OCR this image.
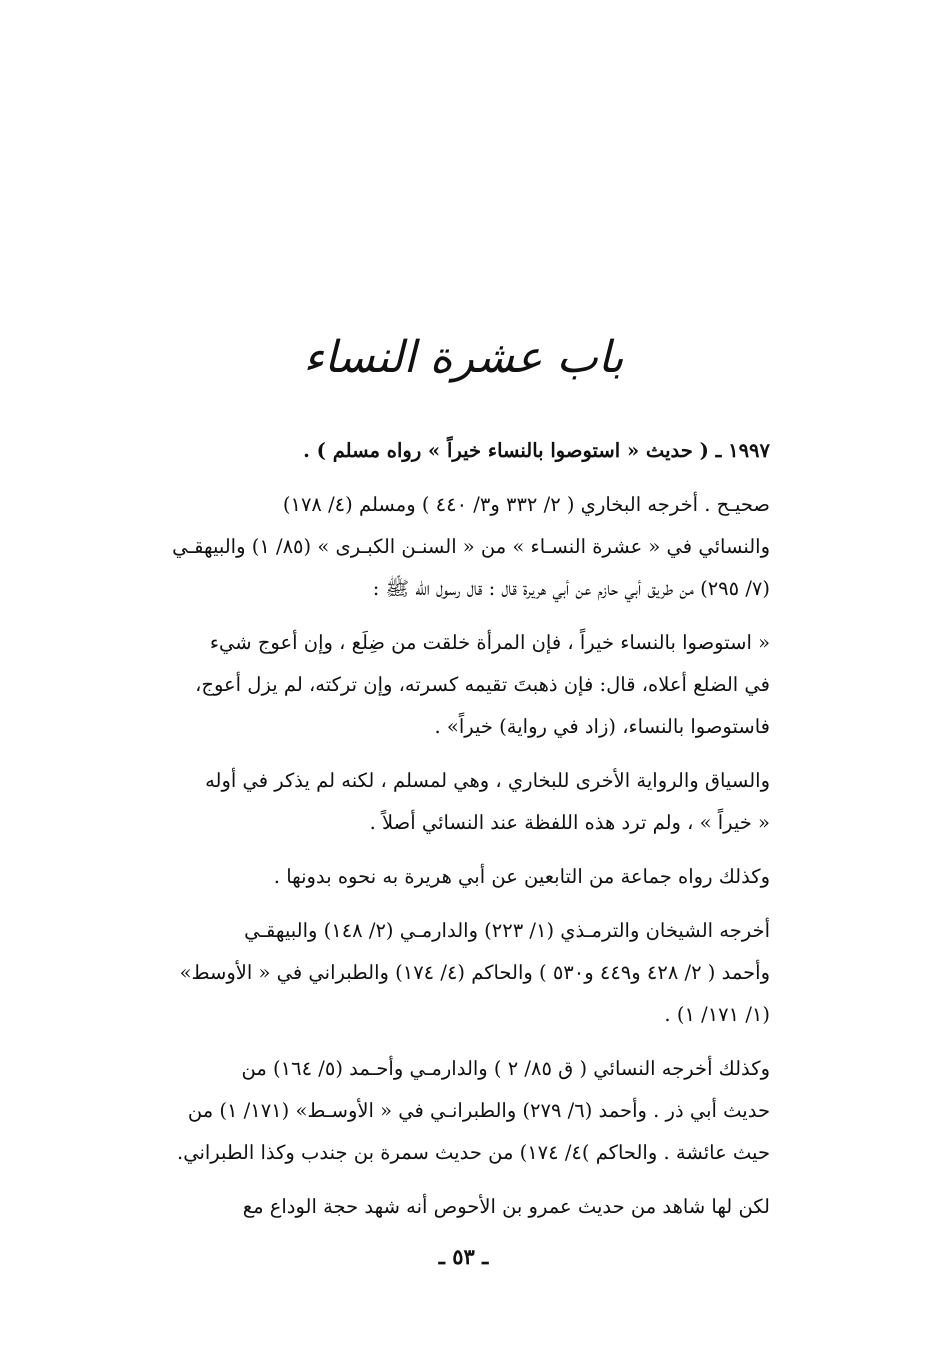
باب عشرة النساء
١٩٩٧ ـ ( حديث « استوصوا بالنساء خيراً » رواه مسلم ) .
صحيـح . أخرجه البخاري ( ٢/ ٣٣٢ و٣/ ٤٤٠ ) ومسلم (٤/ ١٧٨)
والنسائي في « عشرة النسـاء » من « السنـن الكبـرى » (٨٥/ ١) والبيهقـي
(٧/ ٢٩٥) من طريق أبي حازم عن أبي هريرة قال : قال رسول الله ﷺ :
« استوصوا بالنساء خيراً ، فإن المرأة خلقت من ضِلَع ، وإن أعوج شيء
في الضلع أعلاه، قال: فإن ذهبتَ تقيمه كسرته، وإن تركته، لم يزل أعوج،
فاستوصوا بالنساء، (زاد في رواية) خيراً» .
والسياق والرواية الأخرى للبخاري ، وهي لمسلم ، لكنه لم يذكر في أوله
« خيراً » ، ولم ترد هذه اللفظة عند النسائي أصلاً .
وكذلك رواه جماعة من التابعين عن أبي هريرة به نحوه بدونها .
أخرجه الشيخان والترمـذي (١/ ٢٢٣) والدارمـي (٢/ ١٤٨) والبيهقـي
وأحمد ( ٢/ ٤٢٨ و٤٤٩ و٥٣٠ ) والحاكم (٤/ ١٧٤) والطبراني في « الأوسط»
(١/ ١٧١/ ١) .
وكذلك أخرجه النسائي ( ق ٨٥/ ٢ ) والدارمـي وأحـمد (٥/ ١٦٤) من
حديث أبي ذر . وأحمد (٦/ ٢٧٩) والطبرانـي في « الأوسـط» (١٧١/ ١) من
حيث عائشة . والحاكم )٤/ ١٧٤) من حديث سمرة بن جندب وكذا الطبراني.
لكن لها شاهد من حديث عمرو بن الأحوص أنه شهد حجة الوداع مع
ـ ٥٣ ـ
